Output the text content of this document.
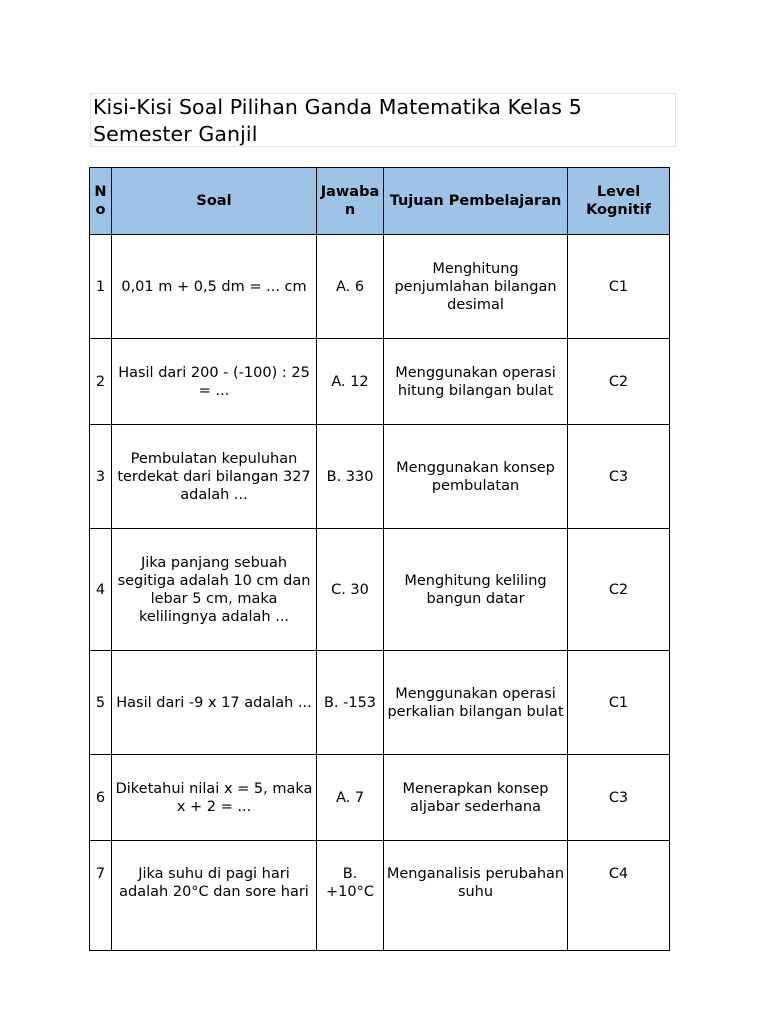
Kisi-Kisi Soal Pilihan Ganda Matematika Kelas 5 Semester Ganjil
No	Soal	Jawaban	Tujuan Pembelajaran	Level Kognitif
1	0,01 m + 0,5 dm = ... cm	A. 6	Menghitung penjumlahan bilangan desimal	C1
2	Hasil dari 200 - (-100) : 25 = ...	A. 12	Menggunakan operasi hitung bilangan bulat	C2
3	Pembulatan kepuluhan terdekat dari bilangan 327 adalah ...	B. 330	Menggunakan konsep pembulatan	C3
4	Jika panjang sebuah segitiga adalah 10 cm dan lebar 5 cm, maka kelilingnya adalah ...	C. 30	Menghitung keliling bangun datar	C2
5	Hasil dari -9 x 17 adalah ...	B. -153	Menggunakan operasi perkalian bilangan bulat	C1
6	Diketahui nilai x = 5, maka x + 2 = ...	A. 7	Menerapkan konsep aljabar sederhana	C3
7	Jika suhu di pagi hari adalah 20°C dan sore hari	B. +10°C	Menganalisis perubahan suhu	C4
